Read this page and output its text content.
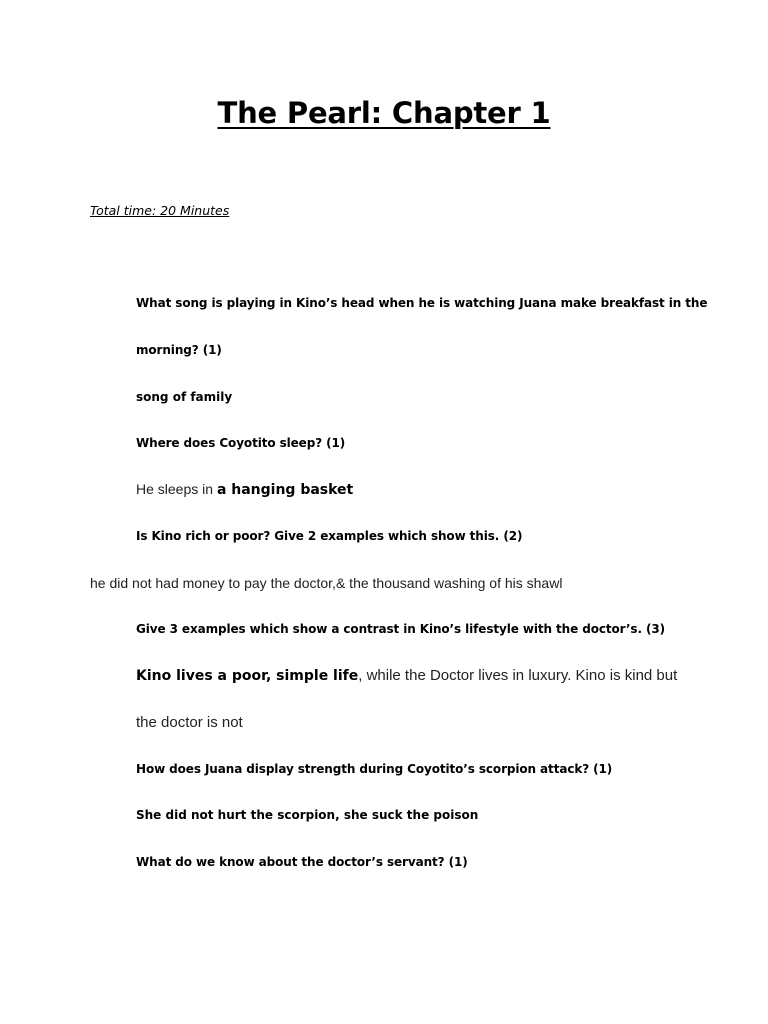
The Pearl: Chapter 1
Total time: 20 Minutes
What song is playing in Kino’s head when he is watching Juana make breakfast in the
morning? (1)
song of family
Where does Coyotito sleep? (1)
He sleeps in a hanging basket
Is Kino rich or poor? Give 2 examples which show this. (2)
he did not had money to pay the doctor,& the thousand washing of his shawl
Give 3 examples which show a contrast in Kino’s lifestyle with the doctor’s. (3)
Kino lives a poor, simple life, while the Doctor lives in luxury. Kino is kind but
the doctor is not
How does Juana display strength during Coyotito’s scorpion attack? (1)
She did not hurt the scorpion, she suck the poison
What do we know about the doctor’s servant? (1)
